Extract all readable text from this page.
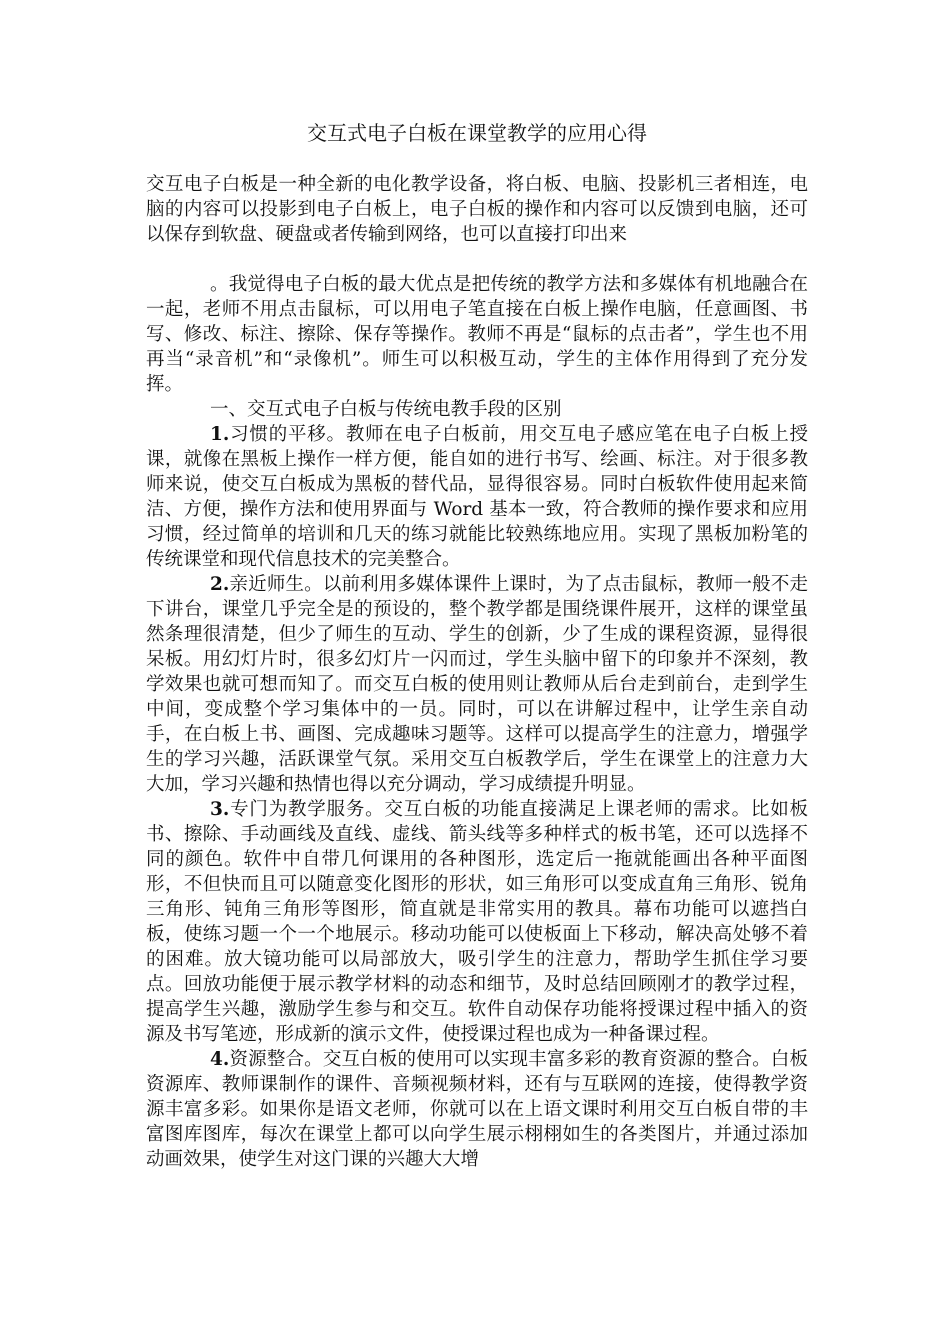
交互式电子白板在课堂教学的应用心得

交互电子白板是一种全新的电化教学设备，将白板、电脑、投影机三者相连，电脑的内容可以投影到电子白板上，电子白板的操作和内容可以反馈到电脑，还可以保存到软盘、硬盘或者传输到网络，也可以直接打印出来

。我觉得电子白板的最大优点是把传统的教学方法和多媒体有机地融合在一起，老师不用点击鼠标，可以用电子笔直接在白板上操作电脑，任意画图、书写、修改、标注、擦除、保存等操作。教师不再是“鼠标的点击者”，学生也不用再当“录音机”和“录像机”。师生可以积极互动，学生的主体作用得到了充分发挥。

一、交互式电子白板与传统电教手段的区别

1.习惯的平移。教师在电子白板前，用交互电子感应笔在电子白板上授课，就像在黑板上操作一样方便，能自如的进行书写、绘画、标注。对于很多教师来说，使交互白板成为黑板的替代品，显得很容易。同时白板软件使用起来简洁、方便，操作方法和使用界面与 Word 基本一致，符合教师的操作要求和应用习惯，经过简单的培训和几天的练习就能比较熟练地应用。实现了黑板加粉笔的传统课堂和现代信息技术的完美整合。

2.亲近师生。以前利用多媒体课件上课时，为了点击鼠标，教师一般不走下讲台，课堂几乎完全是的预设的，整个教学都是围绕课件展开，这样的课堂虽然条理很清楚，但少了师生的互动、学生的创新，少了生成的课程资源，显得很呆板。用幻灯片时，很多幻灯片一闪而过，学生头脑中留下的印象并不深刻，教学效果也就可想而知了。而交互白板的使用则让教师从后台走到前台，走到学生中间，变成整个学习集体中的一员。同时，可以在讲解过程中，让学生亲自动手，在白板上书、画图、完成趣味习题等。这样可以提高学生的注意力，增强学生的学习兴趣，活跃课堂气氛。采用交互白板教学后，学生在课堂上的注意力大大加，学习兴趣和热情也得以充分调动，学习成绩提升明显。

3.专门为教学服务。交互白板的功能直接满足上课老师的需求。比如板书、擦除、手动画线及直线、虚线、箭头线等多种样式的板书笔，还可以选择不同的颜色。软件中自带几何课用的各种图形，选定后一拖就能画出各种平面图形，不但快而且可以随意变化图形的形状，如三角形可以变成直角三角形、锐角三角形、钝角三角形等图形，简直就是非常实用的教具。幕布功能可以遮挡白板，使练习题一个一个地展示。移动功能可以使板面上下移动，解决高处够不着的困难。放大镜功能可以局部放大，吸引学生的注意力，帮助学生抓住学习要点。回放功能便于展示教学材料的动态和细节，及时总结回顾刚才的教学过程，提高学生兴趣，激励学生参与和交互。软件自动保存功能将授课过程中插入的资源及书写笔迹，形成新的演示文件，使授课过程也成为一种备课过程。

4.资源整合。交互白板的使用可以实现丰富多彩的教育资源的整合。白板资源库、教师课制作的课件、音频视频材料，还有与互联网的连接，使得教学资源丰富多彩。如果你是语文老师，你就可以在上语文课时利用交互白板自带的丰富图库图库，每次在课堂上都可以向学生展示栩栩如生的各类图片，并通过添加动画效果，使学生对这门课的兴趣大大增
